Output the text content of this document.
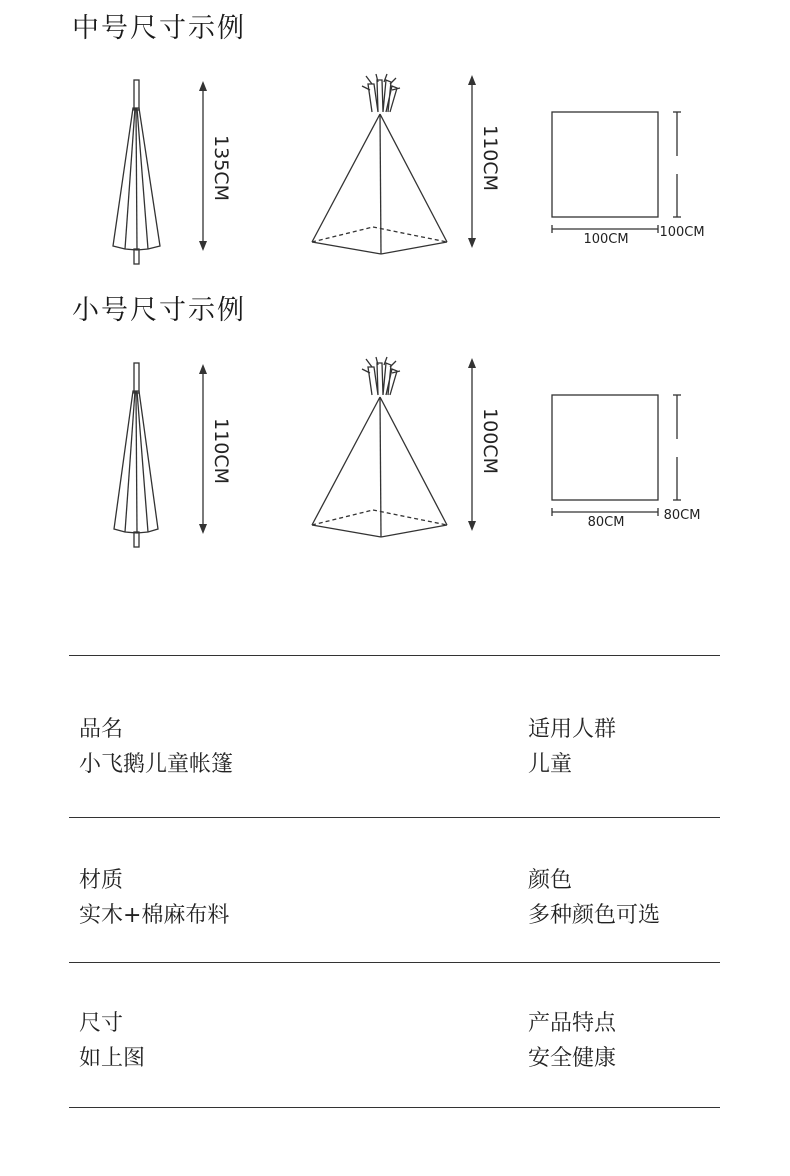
中号尺寸示例
135CM	110CM
100CM 100CM
小号尺寸示例
110CM	100CM
80CM	80CM
品名
小飞鹅儿童帐篷
适用人群
儿童
材质
实木+棉麻布料
颜色
多种颜色可选
尺寸
如上图
产品特点
安全健康
